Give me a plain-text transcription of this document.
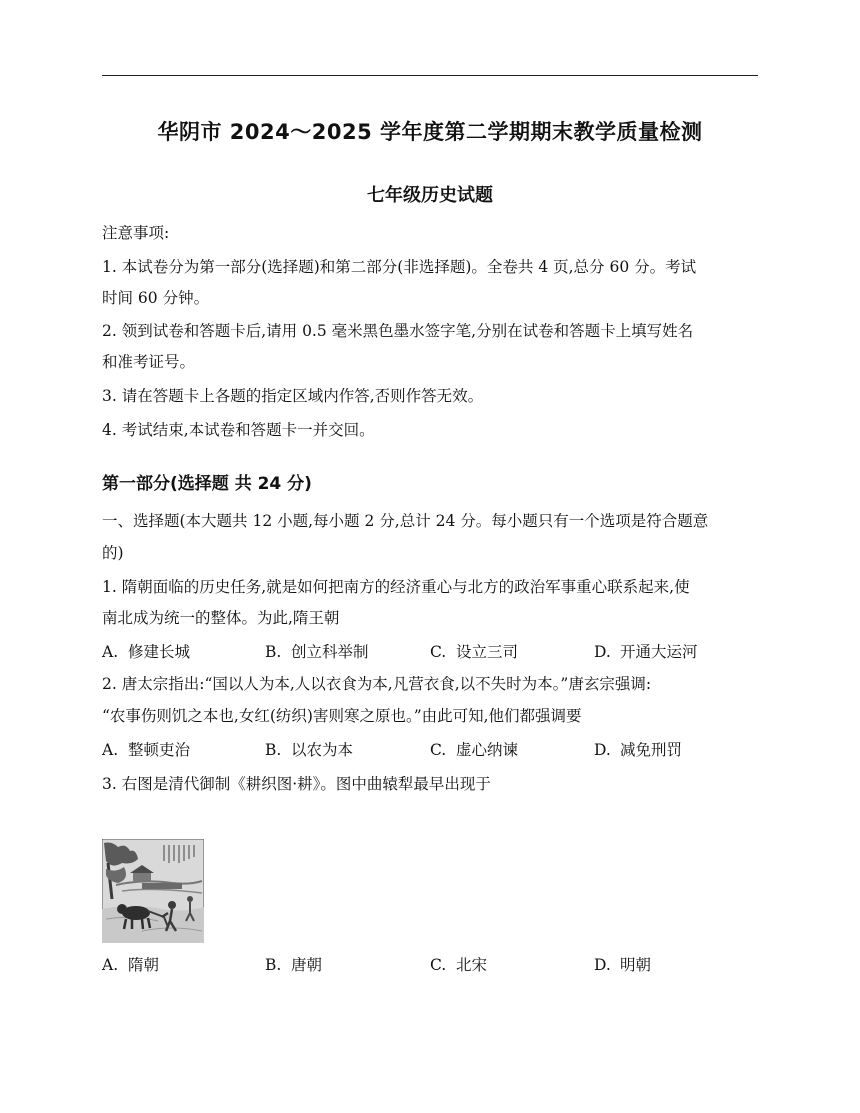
华阴市 2024～2025 学年度第二学期期末教学质量检测
七年级历史试题
注意事项:
1. 本试卷分为第一部分(选择题)和第二部分(非选择题)。全卷共 4 页,总分 60 分。考试
时间 60 分钟。
2. 领到试卷和答题卡后,请用 0.5 毫米黑色墨水签字笔,分别在试卷和答题卡上填写姓名
和准考证号。
3. 请在答题卡上各题的指定区域内作答,否则作答无效。
4. 考试结束,本试卷和答题卡一并交回。
第一部分(选择题 共 24 分)
一、选择题(本大题共 12 小题,每小题 2 分,总计 24 分。每小题只有一个选项是符合题意
的)
1. 隋朝面临的历史任务,就是如何把南方的经济重心与北方的政治军事重心联系起来,使
南北成为统一的整体。为此,隋王朝
A. 修建长城	B. 创立科举制	C. 设立三司	D. 开通大运河
2. 唐太宗指出:“国以人为本,人以衣食为本,凡营衣食,以不失时为本。”唐玄宗强调:
“农事伤则饥之本也,女红(纺织)害则寒之原也。”由此可知,他们都强调要
A. 整顿吏治	B. 以农为本	C. 虚心纳谏	D. 减免刑罚
3. 右图是清代御制《耕织图·耕》。图中曲辕犁最早出现于
A. 隋朝	B. 唐朝	C. 北宋	D. 明朝
